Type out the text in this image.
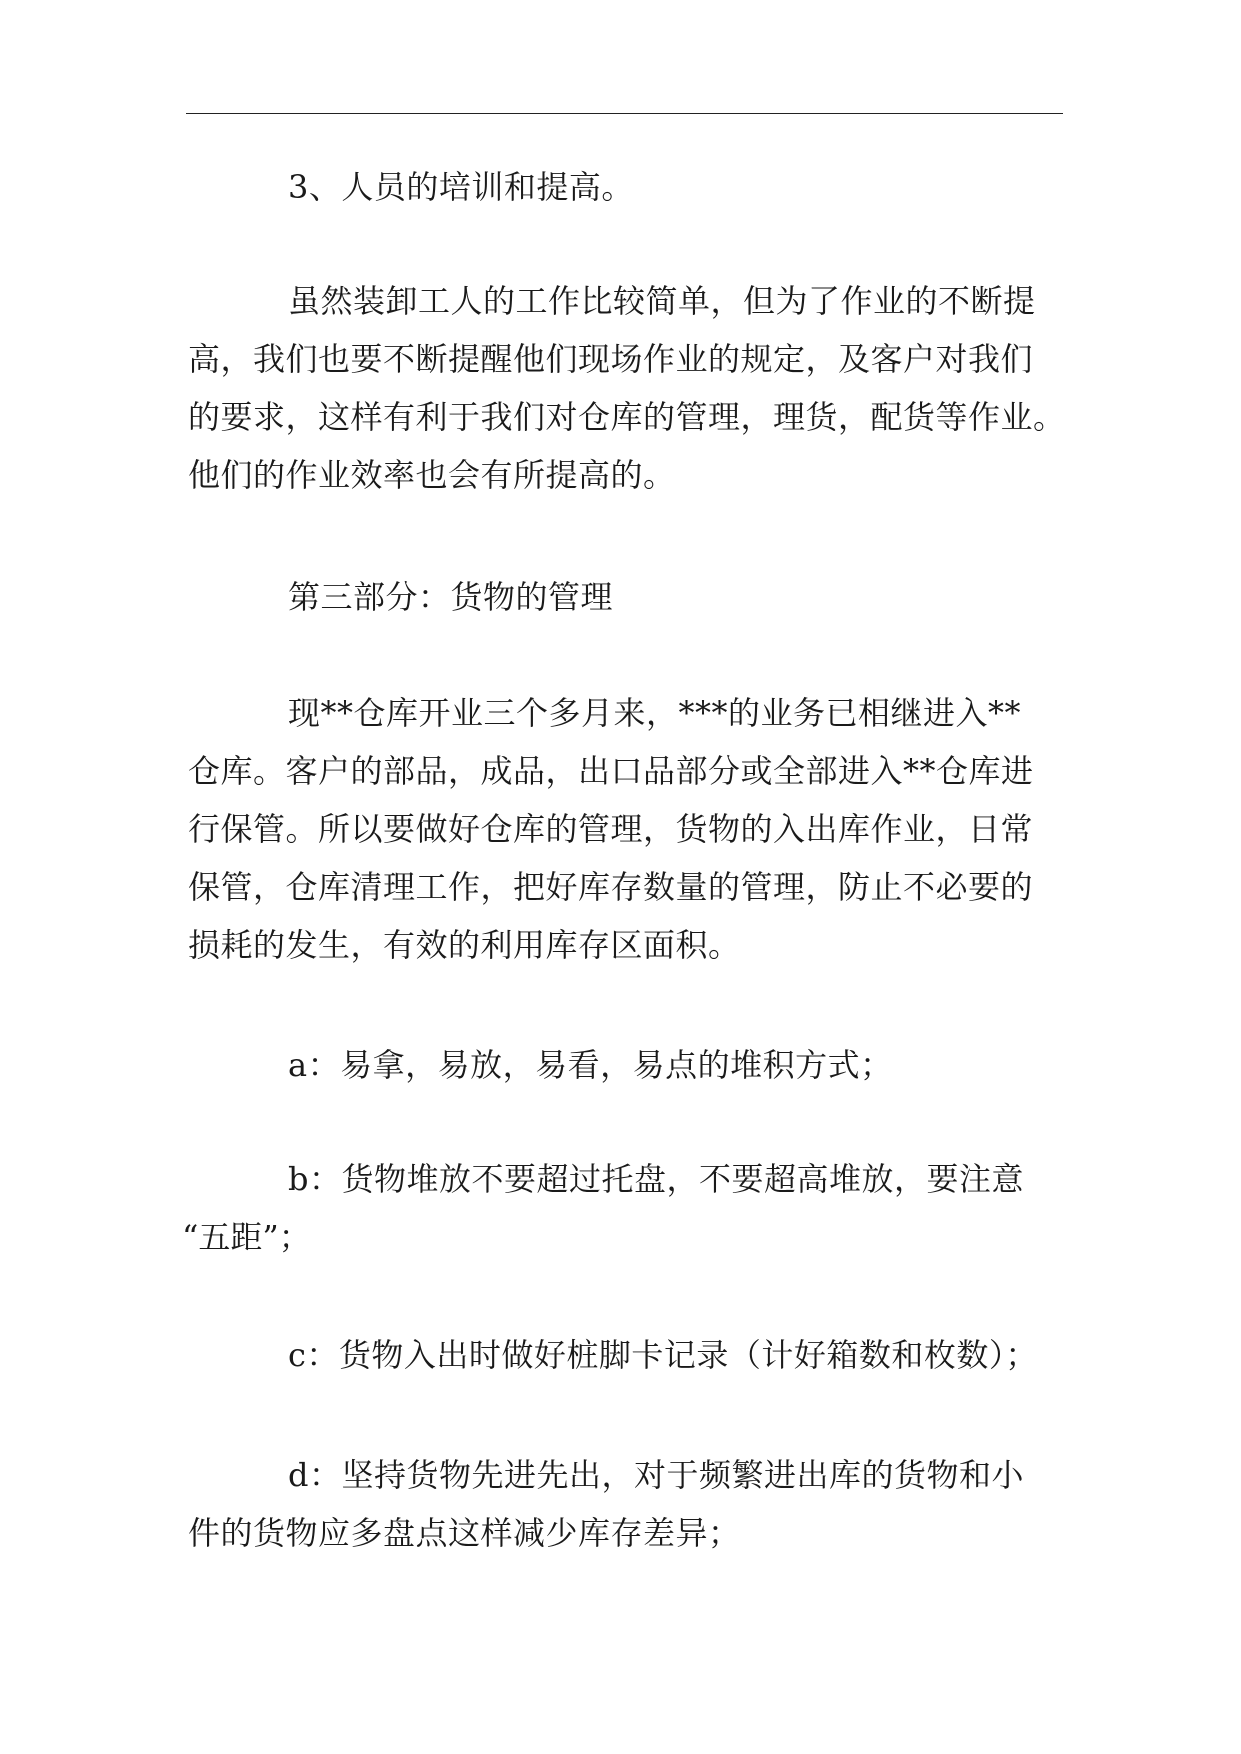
3、人员的培训和提高。

虽然装卸工人的工作比较简单，但为了作业的不断提

高，我们也要不断提醒他们现场作业的规定，及客户对我们

的要求，这样有利于我们对仓库的管理，理货，配货等作业。

他们的作业效率也会有所提高的。

第三部分：货物的管理

现**仓库开业三个多月来，***的业务已相继进入**

仓库。客户的部品，成品，出口品部分或全部进入**仓库进

行保管。所以要做好仓库的管理，货物的入出库作业，日常

保管，仓库清理工作，把好库存数量的管理，防止不必要的

损耗的发生，有效的利用库存区面积。

a：易拿，易放，易看，易点的堆积方式；

b：货物堆放不要超过托盘，不要超高堆放，要注意

“五距”；

c：货物入出时做好桩脚卡记录（计好箱数和枚数）；

d：坚持货物先进先出，对于频繁进出库的货物和小

件的货物应多盘点这样减少库存差异；
